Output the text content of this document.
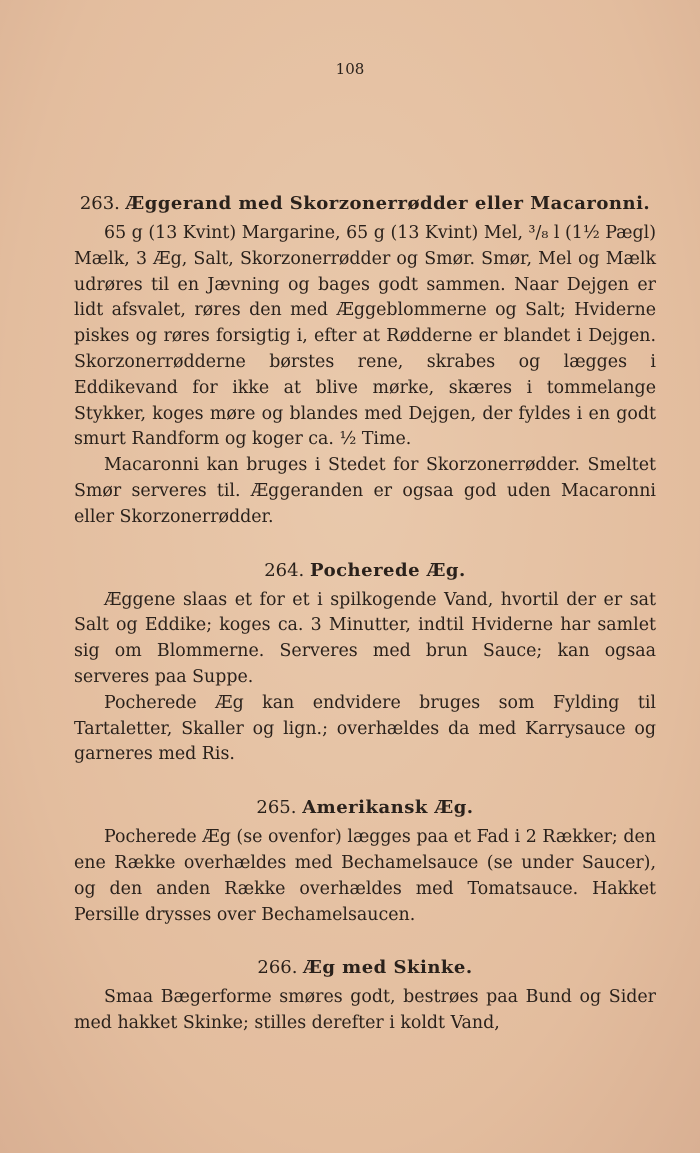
108

263. Æggerand med Skorzonerrødder eller Macaronni.

65 g (13 Kvint) Margarine, 65 g (13 Kvint) Mel, ³/₈ l (1½ Pægl) Mælk, 3 Æg, Salt, Skorzonerrødder og Smør. Smør, Mel og Mælk udrøres til en Jævning og bages godt sammen. Naar Dejgen er lidt afsvalet, røres den med Æggeblommerne og Salt; Hviderne piskes og røres forsigtig i, efter at Rødderne er blandet i Dejgen. Skorzonerrødderne børstes rene, skrabes og lægges i Eddikevand for ikke at blive mørke, skæres i tommelange Stykker, koges møre og blandes med Dejgen, der fyldes i en godt smurt Randform og koger ca. ½ Time.

Macaronni kan bruges i Stedet for Skorzonerrødder. Smeltet Smør serveres til. Æggeranden er ogsaa god uden Macaronni eller Skorzonerrødder.

264. Pocherede Æg.

Æggene slaas et for et i spilkogende Vand, hvortil der er sat Salt og Eddike; koges ca. 3 Minutter, indtil Hviderne har samlet sig om Blommerne. Serveres med brun Sauce; kan ogsaa serveres paa Suppe.

Pocherede Æg kan endvidere bruges som Fylding til Tartaletter, Skaller og lign.; overhældes da med Karrysauce og garneres med Ris.

265. Amerikansk Æg.

Pocherede Æg (se ovenfor) lægges paa et Fad i 2 Rækker; den ene Række overhældes med Bechamelsauce (se under Saucer), og den anden Række overhældes med Tomatsauce. Hakket Persille drysses over Bechamelsaucen.

266. Æg med Skinke.

Smaa Bægerforme smøres godt, bestrøes paa Bund og Sider med hakket Skinke; stilles derefter i koldt Vand,
